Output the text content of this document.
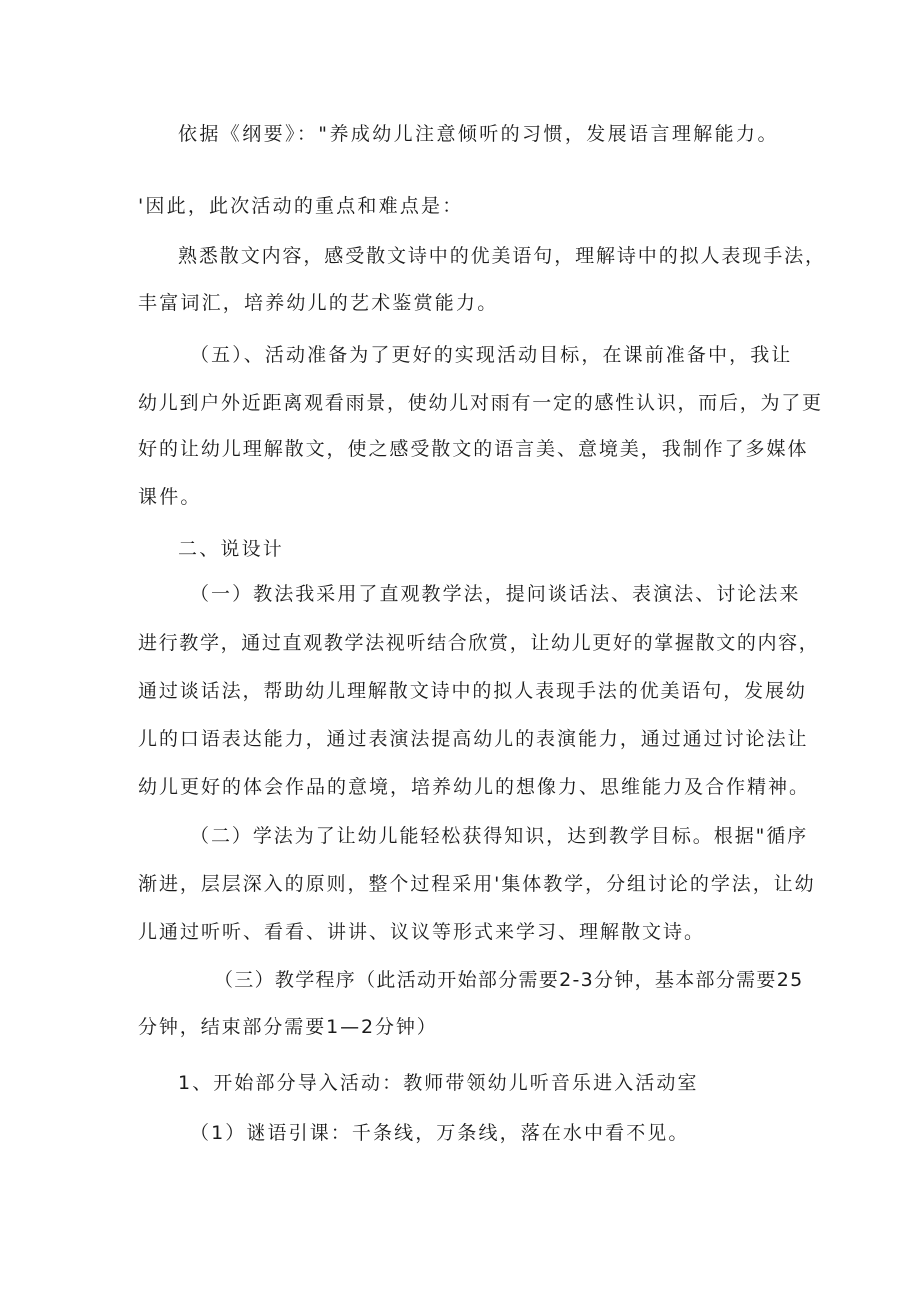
依据《纲要》："养成幼儿注意倾听的习惯，发展语言理解能力。
'因此，此次活动的重点和难点是：
熟悉散文内容，感受散文诗中的优美语句，理解诗中的拟人表现手法，
丰富词汇，培养幼儿的艺术鉴赏能力。
（五）、活动准备为了更好的实现活动目标，在课前准备中，我让
幼儿到户外近距离观看雨景，使幼儿对雨有一定的感性认识，而后，为了更
好的让幼儿理解散文，使之感受散文的语言美、意境美，我制作了多媒体
课件。
二、说设计
（一）教法我采用了直观教学法，提问谈话法、表演法、讨论法来
进行教学，通过直观教学法视听结合欣赏，让幼儿更好的掌握散文的内容，
通过谈话法，帮助幼儿理解散文诗中的拟人表现手法的优美语句，发展幼
儿的口语表达能力，通过表演法提高幼儿的表演能力，通过通过讨论法让
幼儿更好的体会作品的意境，培养幼儿的想像力、思维能力及合作精神。
（二）学法为了让幼儿能轻松获得知识，达到教学目标。根据"循序
渐进，层层深入的原则，整个过程采用'集体教学，分组讨论的学法，让幼
儿通过听听、看看、讲讲、议议等形式来学习、理解散文诗。
（三）教学程序（此活动开始部分需要2-3分钟，基本部分需要25
分钟，结束部分需要1—2分钟）
1、开始部分导入活动：教师带领幼儿听音乐进入活动室
（1）谜语引课：千条线，万条线，落在水中看不见。
